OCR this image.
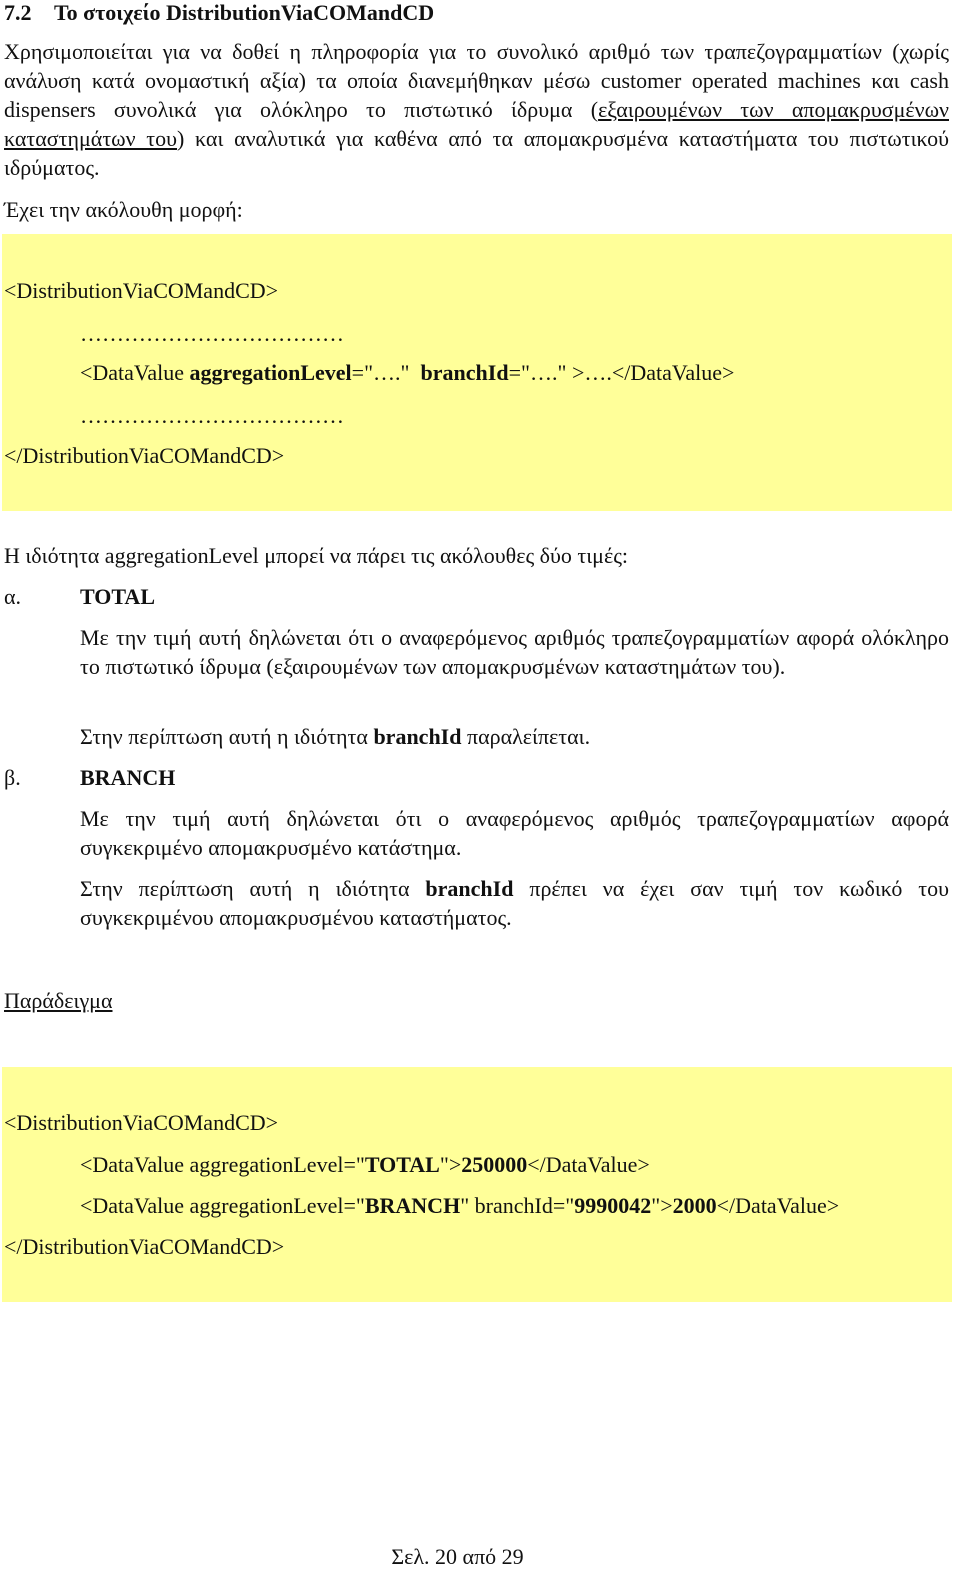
7.2 Το στοιχείο DistributionViaCOMandCD
Χρησιμοποιείται για να δοθεί η πληροφορία για το συνολικό αριθμό των τραπεζογραμματίων (χωρίς ανάλυση κατά ονομαστική αξία) τα οποία διανεμήθηκαν μέσω customer operated machines και cash dispensers συνολικά για ολόκληρο το πιστωτικό ίδρυμα (εξαιρουμένων των απομακρυσμένων καταστημάτων του) και αναλυτικά για καθένα από τα απομακρυσμένα καταστήματα του πιστωτικού ιδρύματος.
Έχει την ακόλουθη μορφή:
<DistributionViaCOMandCD>
………………………………
<DataValue aggregationLevel="…."  branchId="…." >….</DataValue>
………………………………
</DistributionViaCOMandCD>
Η ιδιότητα aggregationLevel μπορεί να πάρει τις ακόλουθες δύο τιμές:
α.	TOTAL
Με την τιμή αυτή δηλώνεται ότι ο αναφερόμενος αριθμός τραπεζογραμματίων αφορά ολόκληρο το πιστωτικό ίδρυμα (εξαιρουμένων των απομακρυσμένων καταστημάτων του).
Στην περίπτωση αυτή η ιδιότητα branchId παραλείπεται.
β.	BRANCH
Με την τιμή αυτή δηλώνεται ότι ο αναφερόμενος αριθμός τραπεζογραμματίων αφορά συγκεκριμένο απομακρυσμένο κατάστημα.
Στην περίπτωση αυτή η ιδιότητα branchId πρέπει να έχει σαν τιμή τον κωδικό του συγκεκριμένου απομακρυσμένου καταστήματος.
Παράδειγμα
<DistributionViaCOMandCD>
<DataValue aggregationLevel="TOTAL">250000</DataValue>
<DataValue aggregationLevel="BRANCH" branchId="9990042">2000</DataValue>
</DistributionViaCOMandCD>
Σελ. 20 από 29
